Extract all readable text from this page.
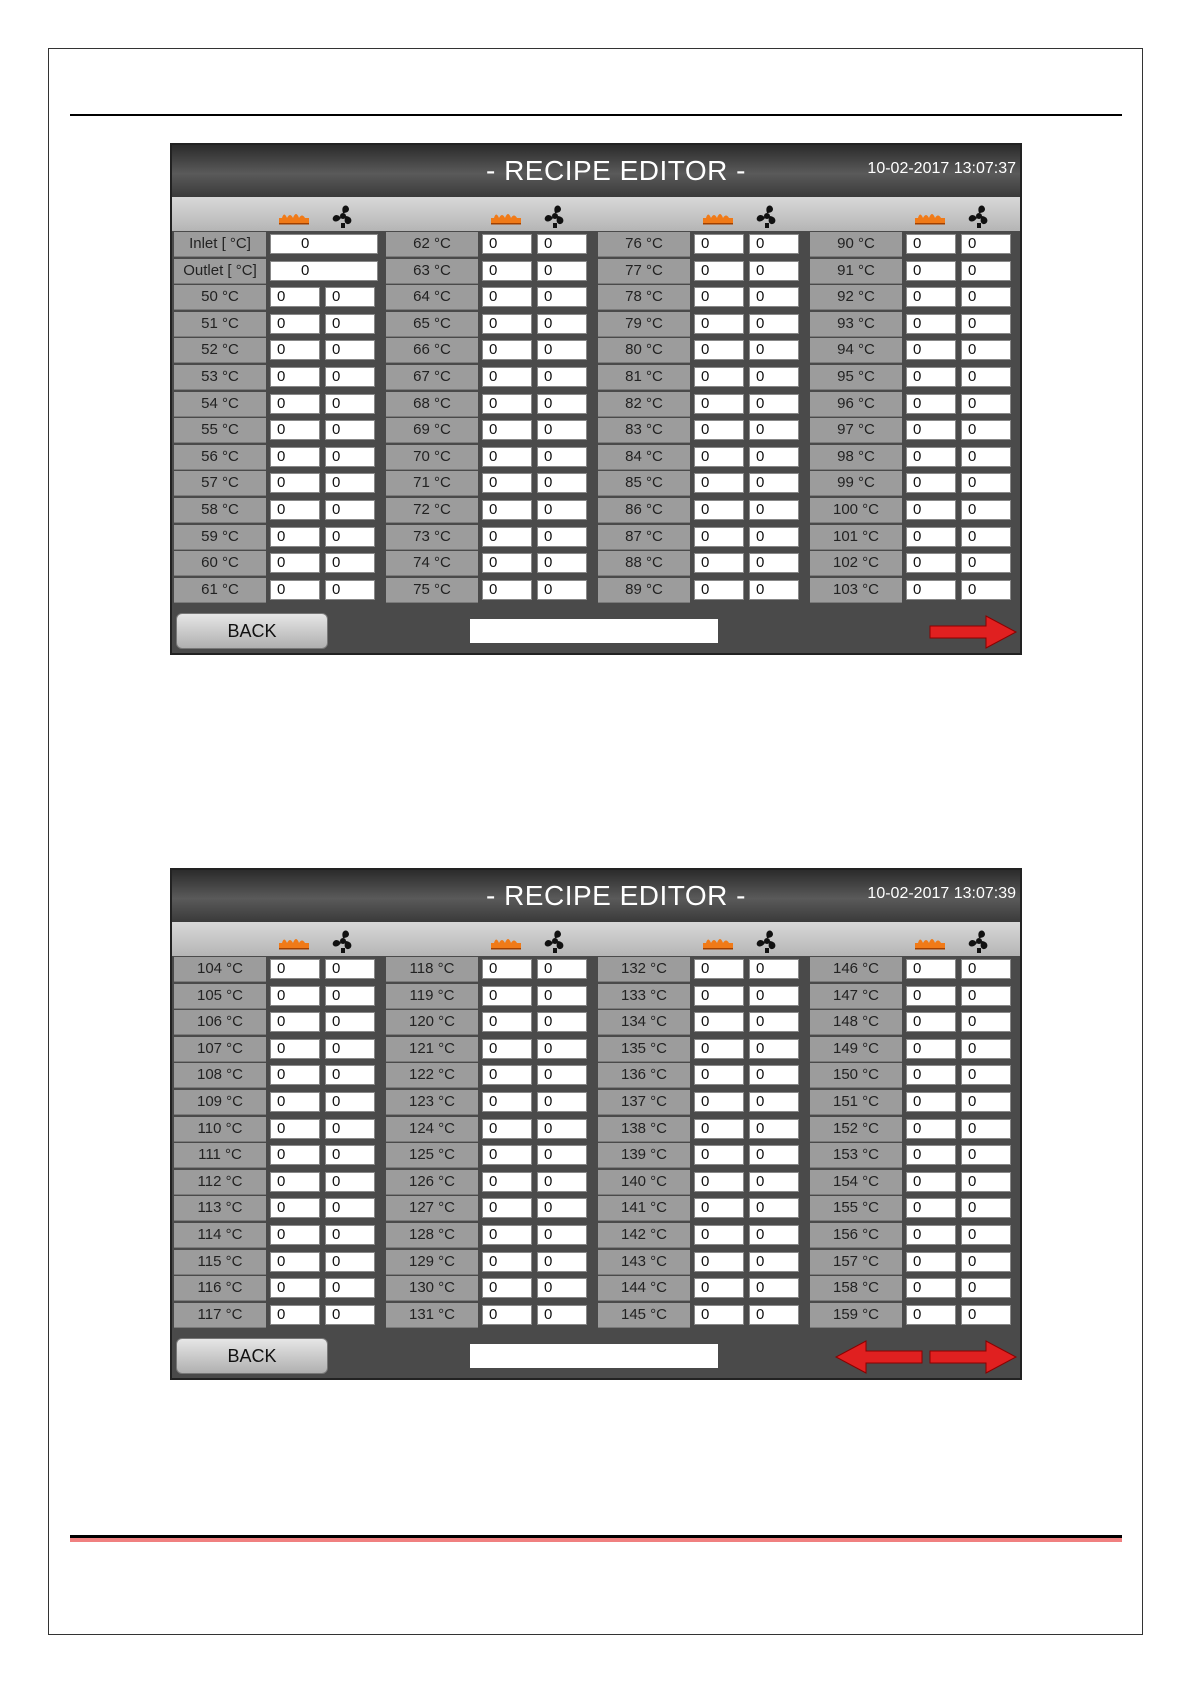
- RECIPE EDITOR -	10-02-2017 13:07:37
Inlet [ °C]	0
Outlet [ °C]	0
50 °C	0	0
51 °C	0	0
52 °C	0	0
53 °C	0	0
54 °C	0	0
55 °C	0	0
56 °C	0	0
57 °C	0	0
58 °C	0	0
59 °C	0	0
60 °C	0	0
61 °C	0	0
62 °C	0	0
63 °C	0	0
64 °C	0	0
65 °C	0	0
66 °C	0	0
67 °C	0	0
68 °C	0	0
69 °C	0	0
70 °C	0	0
71 °C	0	0
72 °C	0	0
73 °C	0	0
74 °C	0	0
75 °C	0	0
76 °C	0	0
77 °C	0	0
78 °C	0	0
79 °C	0	0
80 °C	0	0
81 °C	0	0
82 °C	0	0
83 °C	0	0
84 °C	0	0
85 °C	0	0
86 °C	0	0
87 °C	0	0
88 °C	0	0
89 °C	0	0
90 °C	0	0
91 °C	0	0
92 °C	0	0
93 °C	0	0
94 °C	0	0
95 °C	0	0
96 °C	0	0
97 °C	0	0
98 °C	0	0
99 °C	0	0
100 °C	0	0
101 °C	0	0
102 °C	0	0
103 °C	0	0
BACK
- RECIPE EDITOR -	10-02-2017 13:07:39
104 °C	0	0
105 °C	0	0
106 °C	0	0
107 °C	0	0
108 °C	0	0
109 °C	0	0
110 °C	0	0
111 °C	0	0
112 °C	0	0
113 °C	0	0
114 °C	0	0
115 °C	0	0
116 °C	0	0
117 °C	0	0
118 °C	0	0
119 °C	0	0
120 °C	0	0
121 °C	0	0
122 °C	0	0
123 °C	0	0
124 °C	0	0
125 °C	0	0
126 °C	0	0
127 °C	0	0
128 °C	0	0
129 °C	0	0
130 °C	0	0
131 °C	0	0
132 °C	0	0
133 °C	0	0
134 °C	0	0
135 °C	0	0
136 °C	0	0
137 °C	0	0
138 °C	0	0
139 °C	0	0
140 °C	0	0
141 °C	0	0
142 °C	0	0
143 °C	0	0
144 °C	0	0
145 °C	0	0
146 °C	0	0
147 °C	0	0
148 °C	0	0
149 °C	0	0
150 °C	0	0
151 °C	0	0
152 °C	0	0
153 °C	0	0
154 °C	0	0
155 °C	0	0
156 °C	0	0
157 °C	0	0
158 °C	0	0
159 °C	0	0
BACK
